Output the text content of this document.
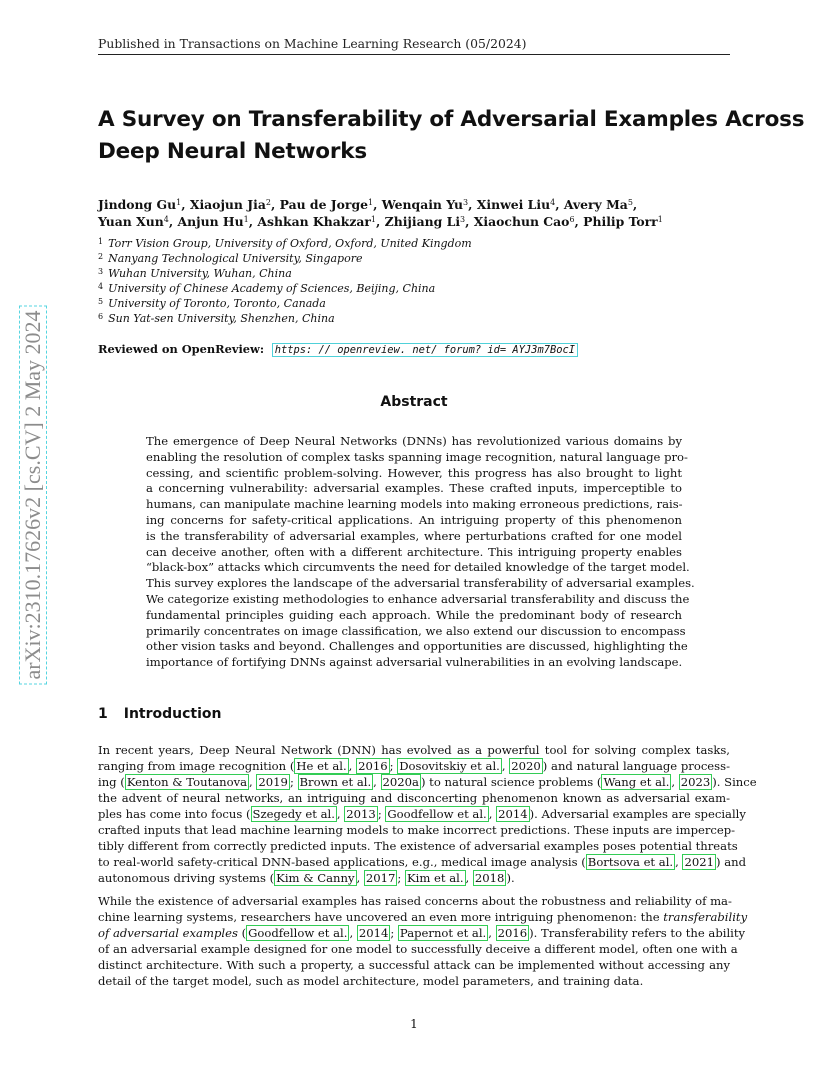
Published in Transactions on Machine Learning Research (05/2024)
A Survey on Transferability of Adversarial Examples Across
Deep Neural Networks
Jindong Gu$^1$, Xiaojun Jia$^2$, Pau de Jorge$^1$, Wenqain Yu$^3$, Xinwei Liu$^4$, Avery Ma$^5$,
Yuan Xun$^4$, Anjun Hu$^1$, Ashkan Khakzar$^1$, Zhijiang Li$^3$, Xiaochun Cao$^6$, Philip Torr$^1$
$^1$ Torr Vision Group, University of Oxford, Oxford, United Kingdom
$^2$ Nanyang Technological University, Singapore
$^3$ Wuhan University, Wuhan, China
$^4$ University of Chinese Academy of Sciences, Beijing, China
$^5$ University of Toronto, Toronto, Canada
$^6$ Sun Yat-sen University, Shenzhen, China
Reviewed on OpenReview: https: // openreview. net/ forum? id= AYJ3m7BocI
Abstract
The emergence of Deep Neural Networks (DNNs) has revolutionized various domains by
enabling the resolution of complex tasks spanning image recognition, natural language pro-
cessing, and scientific problem-solving. However, this progress has also brought to light
a concerning vulnerability: adversarial examples. These crafted inputs, imperceptible to
humans, can manipulate machine learning models into making erroneous predictions, rais-
ing concerns for safety-critical applications. An intriguing property of this phenomenon
is the transferability of adversarial examples, where perturbations crafted for one model
can deceive another, often with a different architecture. This intriguing property enables
“black-box” attacks which circumvents the need for detailed knowledge of the target model.
This survey explores the landscape of the adversarial transferability of adversarial examples.
We categorize existing methodologies to enhance adversarial transferability and discuss the
fundamental principles guiding each approach. While the predominant body of research
primarily concentrates on image classification, we also extend our discussion to encompass
other vision tasks and beyond. Challenges and opportunities are discussed, highlighting the
importance of fortifying DNNs against adversarial vulnerabilities in an evolving landscape.
1 Introduction
In recent years, Deep Neural Network (DNN) has evolved as a powerful tool for solving complex tasks,
ranging from image recognition ( He et al. , 2016 ; Dosovitskiy et al. , 2020 ) and natural language process-
ing ( Kenton & Toutanova , 2019 ; Brown et al. , 2020a ) to natural science problems ( Wang et al. , 2023 ). Since
the advent of neural networks, an intriguing and disconcerting phenomenon known as adversarial exam-
ples has come into focus ( Szegedy et al. , 2013 ; Goodfellow et al. , 2014 ). Adversarial examples are specially
crafted inputs that lead machine learning models to make incorrect predictions. These inputs are impercep-
tibly different from correctly predicted inputs. The existence of adversarial examples poses potential threats
to real-world safety-critical DNN-based applications, e.g., medical image analysis ( Bortsova et al. , 2021 ) and
autonomous driving systems ( Kim & Canny , 2017 ; Kim et al. , 2018 ).
While the existence of adversarial examples has raised concerns about the robustness and reliability of ma-
chine learning systems, researchers have uncovered an even more intriguing phenomenon: the transferability
of adversarial examples ( Goodfellow et al. , 2014 ; Papernot et al. , 2016 ). Transferability refers to the ability
of an adversarial example designed for one model to successfully deceive a different model, often one with a
distinct architecture. With such a property, a successful attack can be implemented without accessing any
detail of the target model, such as model architecture, model parameters, and training data.
1
arXiv:2310.17626v2 [cs.CV] 2 May 2024
